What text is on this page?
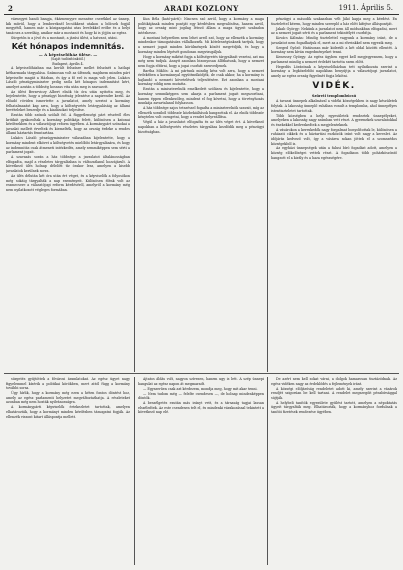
2	ARADI KOZLONY	1911. Április 5.

várnegyei bandi bangja, ékárnemyyre mennése cserékkel az ünnep, kik művül, hogy a lembereknél lecsökkent utakon a bölcsek fogjál megyétől, hamen már a közigazgatási utas levelekkel erőbe és a helyi tanácsra a szerdáig, amikor már a mostanit és hogy ki is jöjjön az egész.

Sürgetőn is a jövő és a mostanit, a járási ülést, a hatvant, utáni.

Két hónapos indemnitás.
— A képviselőház ülése. —
(Saját tudósítónktól.)
Budapest, április 4.

A képviselőházban ma került felszínre mellet felszínét a hatlapi kétharmada tárgyalása. Számosan volt az ülésnek, majdnem minden párt képviselte magát a Házban, és így a fő erő is maga volt jelen. Lukács László pénzügyminiszter pedig szóla két hónapos indemnitást kért, amelyet azután a többség hosszas vita után meg is szavazott.

Az ülést Berzeviczy Albert elnök tíz óra után nyitotta meg, és bejelentette, hogy a pénzügyi bizottság jelentése a napirendre kerül. Az előadó röviden ismertette a javaslatot, amely szerint a kormány felhatalmazást kap arra, hogy a költségvetés letárgyalásáig az állami bevételeket beszedje és a kiadásokat teljesítse.

Ezután több szónok szólalt fel. A függetlenségi párt részéről éles kritikát gyakoroltak a kormány politikája felett, különösen a katonai kérdésekben és a választójogi reform ügyében. A kormánypárt szónokai a javaslat mellett érveltek és kiemelték, hogy az ország érdeke a rendes állami háztartás fenntartása.

Lukács László pénzügyminiszter válaszában kijelentette, hogy a kormány mindent elkövet a költségvetés mielőbbi letárgyalására, és hogy az indemnitás csak átmeneti intézkedés, amely semmiképpen sem sérti a parlament jogait.

A szavazás során a ház többsége a javaslatot általánosságban elfogadta, majd a részletes tárgyalásban is változatlanul hozzájárult. A következő ülés holnap délelőtt tíz órakor lesz, amelyen a kisebb javaslatok kerülnek sorra.

Az ülés délután két óra után ért véget, és a képviselők a folyosókon még sokáig tárgyalták a nap eseményeit. Különösen élénk volt az eszmecsere a választójogi reform kérdéséről, amelyről a kormány még nem nyilatkozott végleges formában.

Kun Béla (kató-párti): Nincsen szó arról, hogy a kormány a maga politikájának minden pontját egy kérdésben megvalósítsa, hanem arról, hogy az ország mint jogilag létező állam a maga ügyeit szabadon intézhesse.

A mostani helyzetben nem lehet arról szó, hogy az ellenzék a kormány mindenkor támogatására vállalkozzék. Mi kötelességünknek tartjuk, hogy a nemzet jogait minden körülmények között megvédjük, és hogy a kormány minden lépését gondosan megvizsgáljuk.

Hogy a kormány miként fogja a költségvetés tárgyalását vezetni, azt ma még nem tudjuk. Annyit azonban bizonyosan állíthatunk, hogy a nemzet nem fogja eltűrni, hogy a jogai csorbát szenvedjenek.

Bartha Miklós: A mi pártunk mindig kész volt arra, hogy a nemzet érdekében a kormánnyal együttműködjék, de csak akkor, ha a kormány is hajlandó a nemzeti követelések teljesítésére. Ezt azonban a mostani kormány eddig nem mutatta.

Ezután a miniszterelnök emelkedett szólásra és kijelentette, hogy a kormány semmiképpen sem akarja a parlament jogait megszorítani, hanem éppen ellenkezőleg, mindent el fog követni, hogy a törvényhozás munkája zavartalanul folyhasson.

A ház többsége zajos tetszéssel fogadta a miniszterelnök szavait, míg az ellenzék soraiból többször közbekiáltások hangzottak el. Az elnök többször kénytelen volt csengetni, hogy a rendet helyreállítsa.

Végül a ház a javaslatot elfogadta és az ülés véget ért. A következő napokban a költségvetés részletes tárgyalása kezdődik meg a pénzügyi bizottságban.

pénzügyi a második szakaszban vélt Jákó kapja meg a kérdést. Én tisztelettel kérem, hogy minden szereplő a ház előtt kifejtse álláspontját.

Jakab György: Nekünk a javaslatot nem áll módunkban elfogadni, mert az a nemzet jogait sérti és a parlament tekintélyét csorbítja.

Kovács Kálmán: Mindig tisztelettel vagyunk a kormány iránt, de a javaslatot nem fogadhatjuk el, mert az a mi elveinkkel nem egyezik meg.

Szeged Győző: Hatásosan már kiderült a két oldal közötti ellentét. A kormány nem kíván engedményeket tenni.

Kenessey György: Az egész ügyben egyet kell megjegyeznem, hogy a parlament mindig a nemzet érdekét tartotta szem előtt.

Hegedűs Lórántnak a képviselőházban tett nyilatkozata szerint a kormány a legközelebbi napokban benyújtja a választójogi javaslatot, amely az egész ország figyelmét fogja lekötni.

VIDÉK.
Szüreti templombúcsú

A tavaszi ünnepek alkalmával a vidéki községekben is nagy készületek folytak. A lakosság ünneplő ruhában vonult a templomba, ahol ünnepélyes istentiszteletet tartottak.

Több községben a helyi egyesületek rendeztek ünnepélyeket, amelyeken a lakosság nagy számban vett részt. A gyermekek szavalatokkal és énekekkel kedveskedtek a megjelenteknek.

A vásárokon a kereskedők nagy forgalmat bonyolítottak le, különösen a ruházati cikkek és a háztartási eszközök iránt volt nagy a kereslet. Az időjárás kedvező volt, így a vásárra sokan jöttek el a szomszédos községekből is.

Az egyházi ünnepségek után a falusi bíró fogadást adott, amelyen a község előkelőségei vettek részt. A fogadáson több pohárköszöntő hangzott el a király és a haza egészségére.

sürgetés gyűjtöttek a fővárosi áramlatokat. Az egész ügyet nagy figyelemmel kísérik a politikai körökben, mert attól függ a kormány további sorsa.

Úgy hírlik, hogy a kormány még ezen a héten fontos döntést hoz, amely az egész parlamenti helyzetet megváltoztathatja. A részleteket azonban még nem hozták nyilvánosságra.

A kormánypárti képviselők értekezletet tartottak, amelyen elhatározták, hogy a kormányt minden kérdésben támogatni fogják. Az ellenzék viszont kitart álláspontja mellett.

Ájtatos áldás volt, nagyon szívesen, hanem ugy is lett. A szép ünnepi hangulat az egész napon át megmaradt.

— Egyszerűen csak azt kérdezem, mondja meg, hogy mit akar tenni.

— Nem tudom még — felelte csendesen —, de holnap mindenképpen döntök.

A beszélgetés ezután más irányt vett, és a társaság tagjai lassan elszéledtek. Az este csendesen telt el, és mindenki várakozással tekintett a következő nap elé.

De azért nem kell sokat várni, a dolgok hamarosan tisztázódnak. Az egész vidéken nagy az érdeklődés a fejlemények iránt.

A községi elöljáróság rendeletet adott ki, amely szerint a vásárok rendjét szigorúan be kell tartani. A rendelet megszegőit pénzbírsággal sújtják.

A helybeli tanítók egyesülete gyűlést tartott, amelyen a népoktatás ügyeit tárgyalták meg. Elhatározták, hogy a kormányhoz fordulnak a tanítói fizetések rendezése ügyében.
